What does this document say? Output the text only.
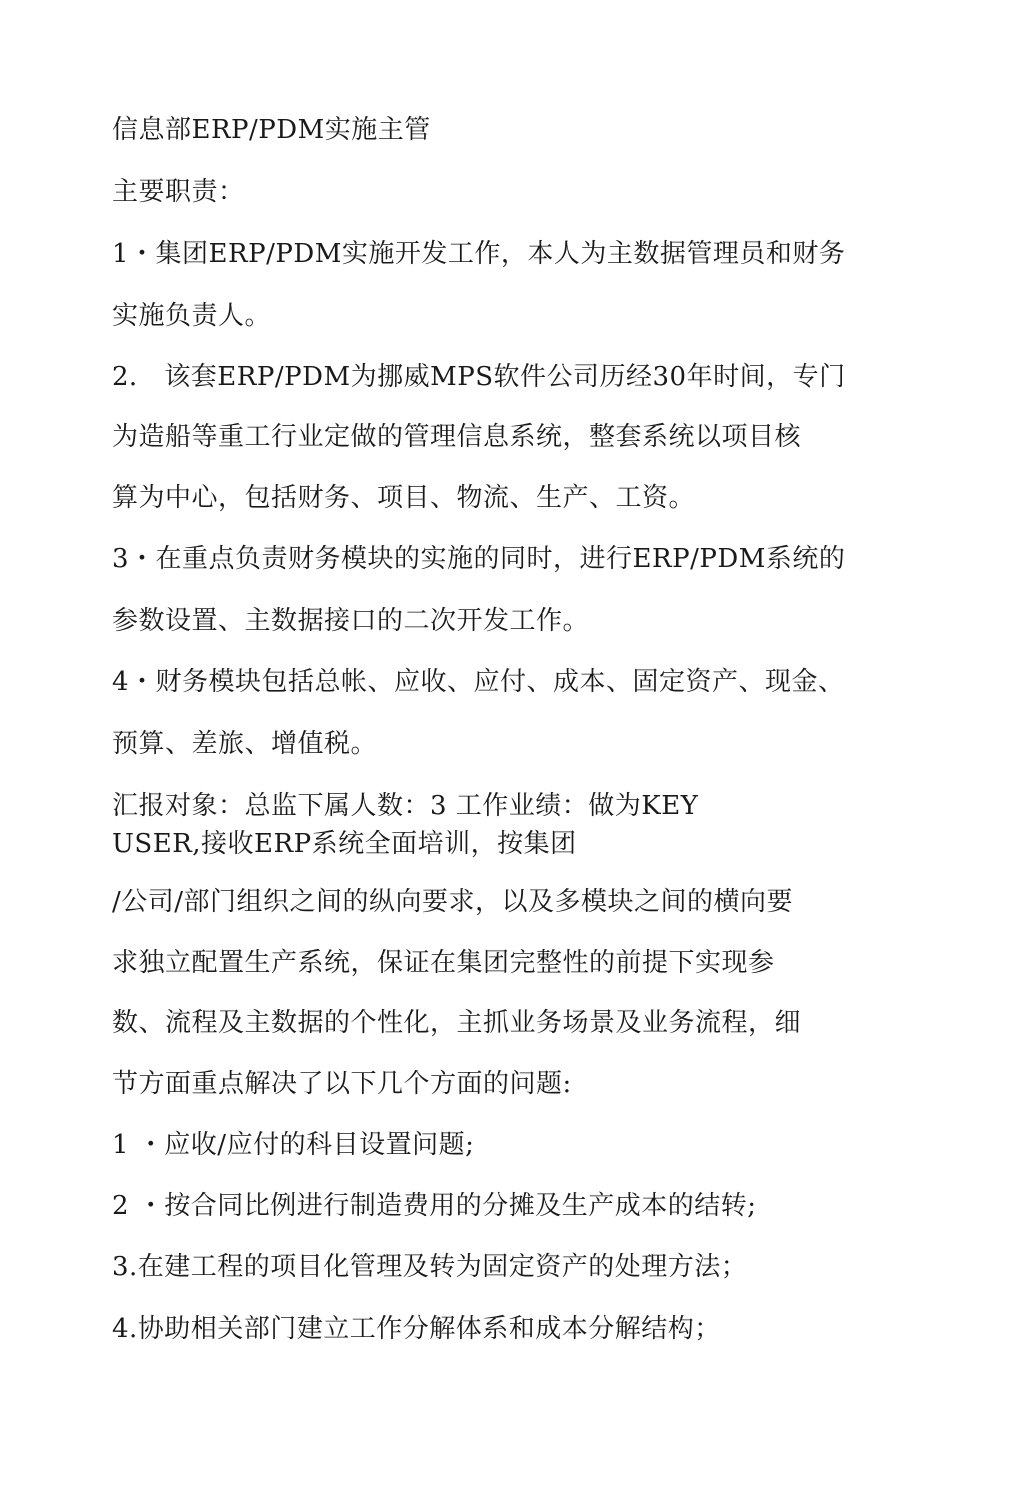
信息部ERP/PDM实施主管
主要职责：
1・集团ERP/PDM实施开发工作，本人为主数据管理员和财务
实施负责人。
2． 该套ERP/PDM为挪威MPS软件公司历经30年时间，专门
为造船等重工行业定做的管理信息系统，整套系统以项目核
算为中心，包括财务、项目、物流、生产、工资。
3・在重点负责财务模块的实施的同时，进行ERP/PDM系统的
参数设置、主数据接口的二次开发工作。
4・财务模块包括总帐、应收、应付、成本、固定资产、现金、
预算、差旅、增值税。
汇报对象：总监下属人数：3 工作业绩：做为KEY
USER,接收ERP系统全面培训，按集团
/公司/部门组织之间的纵向要求，以及多模块之间的横向要
求独立配置生产系统，保证在集团完整性的前提下实现参
数、流程及主数据的个性化，主抓业务场景及业务流程，细
节方面重点解决了以下几个方面的问题:
1 ・应收/应付的科目设置问题;
2 ・按合同比例进行制造费用的分摊及生产成本的结转;
3.在建工程的项目化管理及转为固定资产的处理方法；
4.协助相关部门建立工作分解体系和成本分解结构；
